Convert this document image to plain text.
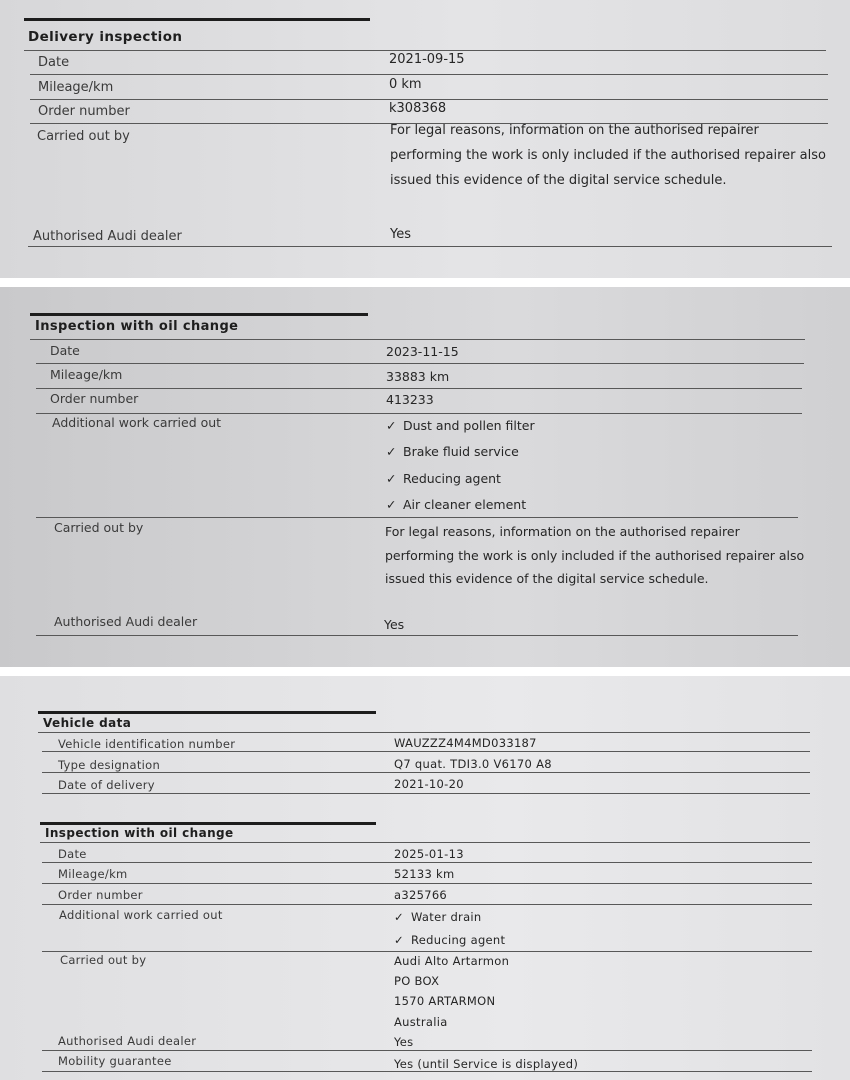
Delivery inspection
Date	2021-09-15
Mileage/km	0 km
Order number	k308368
Carried out by	For legal reasons, information on the authorised repairer
performing the work is only included if the authorised repairer also
issued this evidence of the digital service schedule.
Authorised Audi dealer	Yes
Inspection with oil change
Date	2023-11-15
Mileage/km	33883 km
Order number	413233
Additional work carried out	✓ Dust and pollen filter
✓ Brake fluid service
✓ Reducing agent
✓ Air cleaner element
Carried out by	For legal reasons, information on the authorised repairer
performing the work is only included if the authorised repairer also
issued this evidence of the digital service schedule.
Authorised Audi dealer	Yes
Vehicle data
Vehicle identification number	WAUZZZ4M4MD033187
Type designation	Q7 quat. TDI3.0 V6170 A8
Date of delivery	2021-10-20
Inspection with oil change
Date	2025-01-13
Mileage/km	52133 km
Order number	a325766
Additional work carried out	✓ Water drain
✓ Reducing agent
Carried out by	Audi Alto Artarmon
PO BOX
1570 ARTARMON
Australia
Authorised Audi dealer	Yes
Mobility guarantee	Yes (until Service is displayed)
